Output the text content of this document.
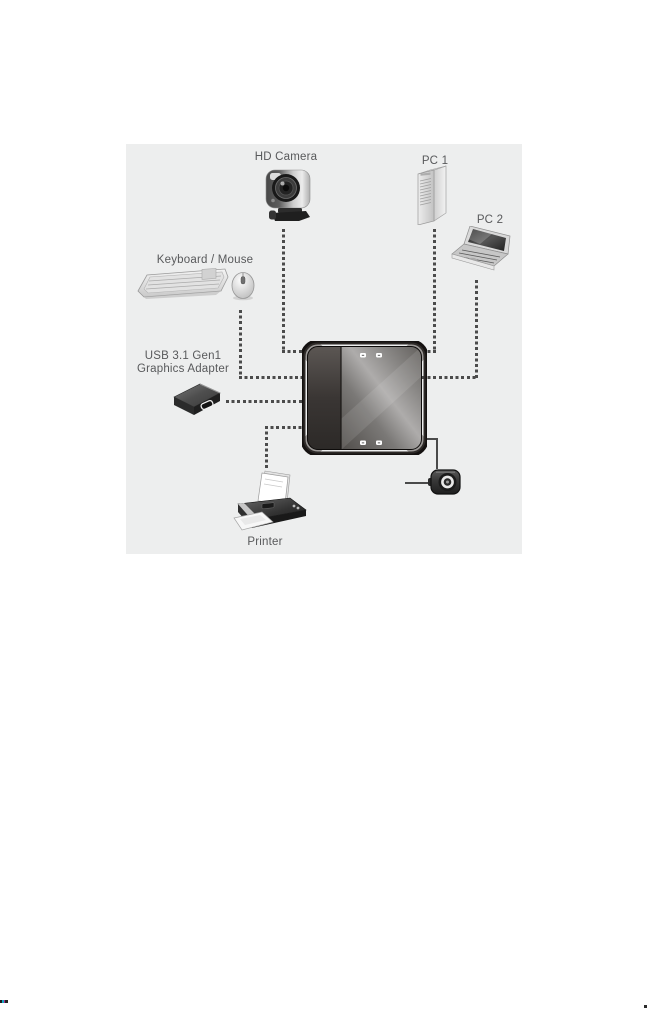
HD Camera	PC 1
PC 2
Keyboard / Mouse
USB 3.1 Gen1
Graphics Adapter
Printer
